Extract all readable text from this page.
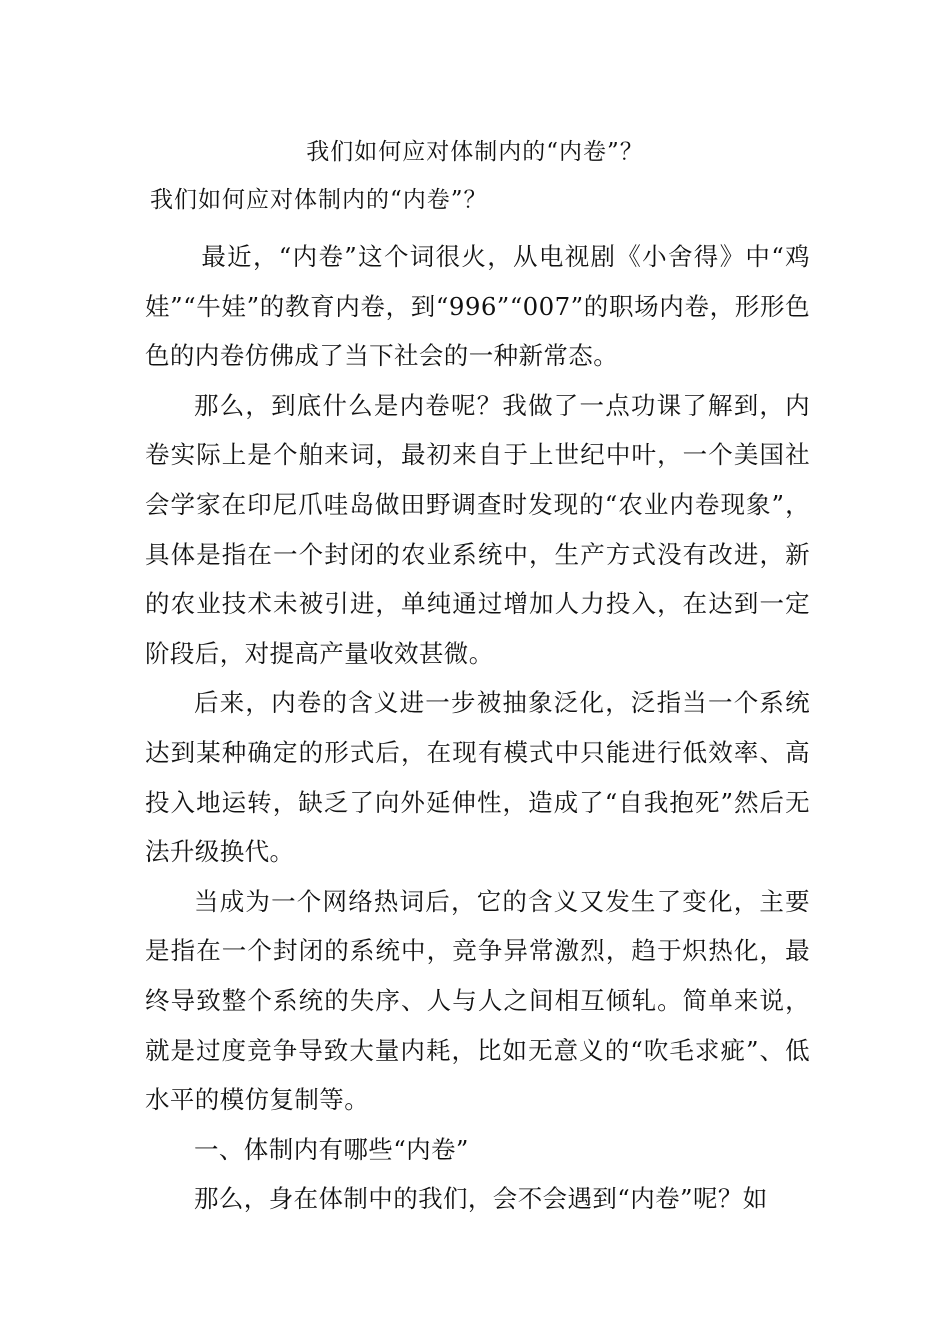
我们如何应对体制内的“内卷”？
我们如何应对体制内的“内卷”？

最近，“内卷”这个词很火，从电视剧《小舍得》中“鸡娃”“牛娃”的教育内卷，到“996”“007”的职场内卷，形形色色的内卷仿佛成了当下社会的一种新常态。

那么，到底什么是内卷呢？我做了一点功课了解到，内卷实际上是个舶来词，最初来自于上世纪中叶，一个美国社会学家在印尼爪哇岛做田野调查时发现的“农业内卷现象”，具体是指在一个封闭的农业系统中，生产方式没有改进，新的农业技术未被引进，单纯通过增加人力投入，在达到一定阶段后，对提高产量收效甚微。

后来，内卷的含义进一步被抽象泛化，泛指当一个系统达到某种确定的形式后，在现有模式中只能进行低效率、高投入地运转，缺乏了向外延伸性，造成了“自我抱死”然后无法升级换代。

当成为一个网络热词后，它的含义又发生了变化，主要是指在一个封闭的系统中，竞争异常激烈，趋于炽热化，最终导致整个系统的失序、人与人之间相互倾轧。简单来说，就是过度竞争导致大量内耗，比如无意义的“吹毛求疵”、低水平的模仿复制等。

一、体制内有哪些“内卷”

那么，身在体制中的我们，会不会遇到“内卷”呢？如
